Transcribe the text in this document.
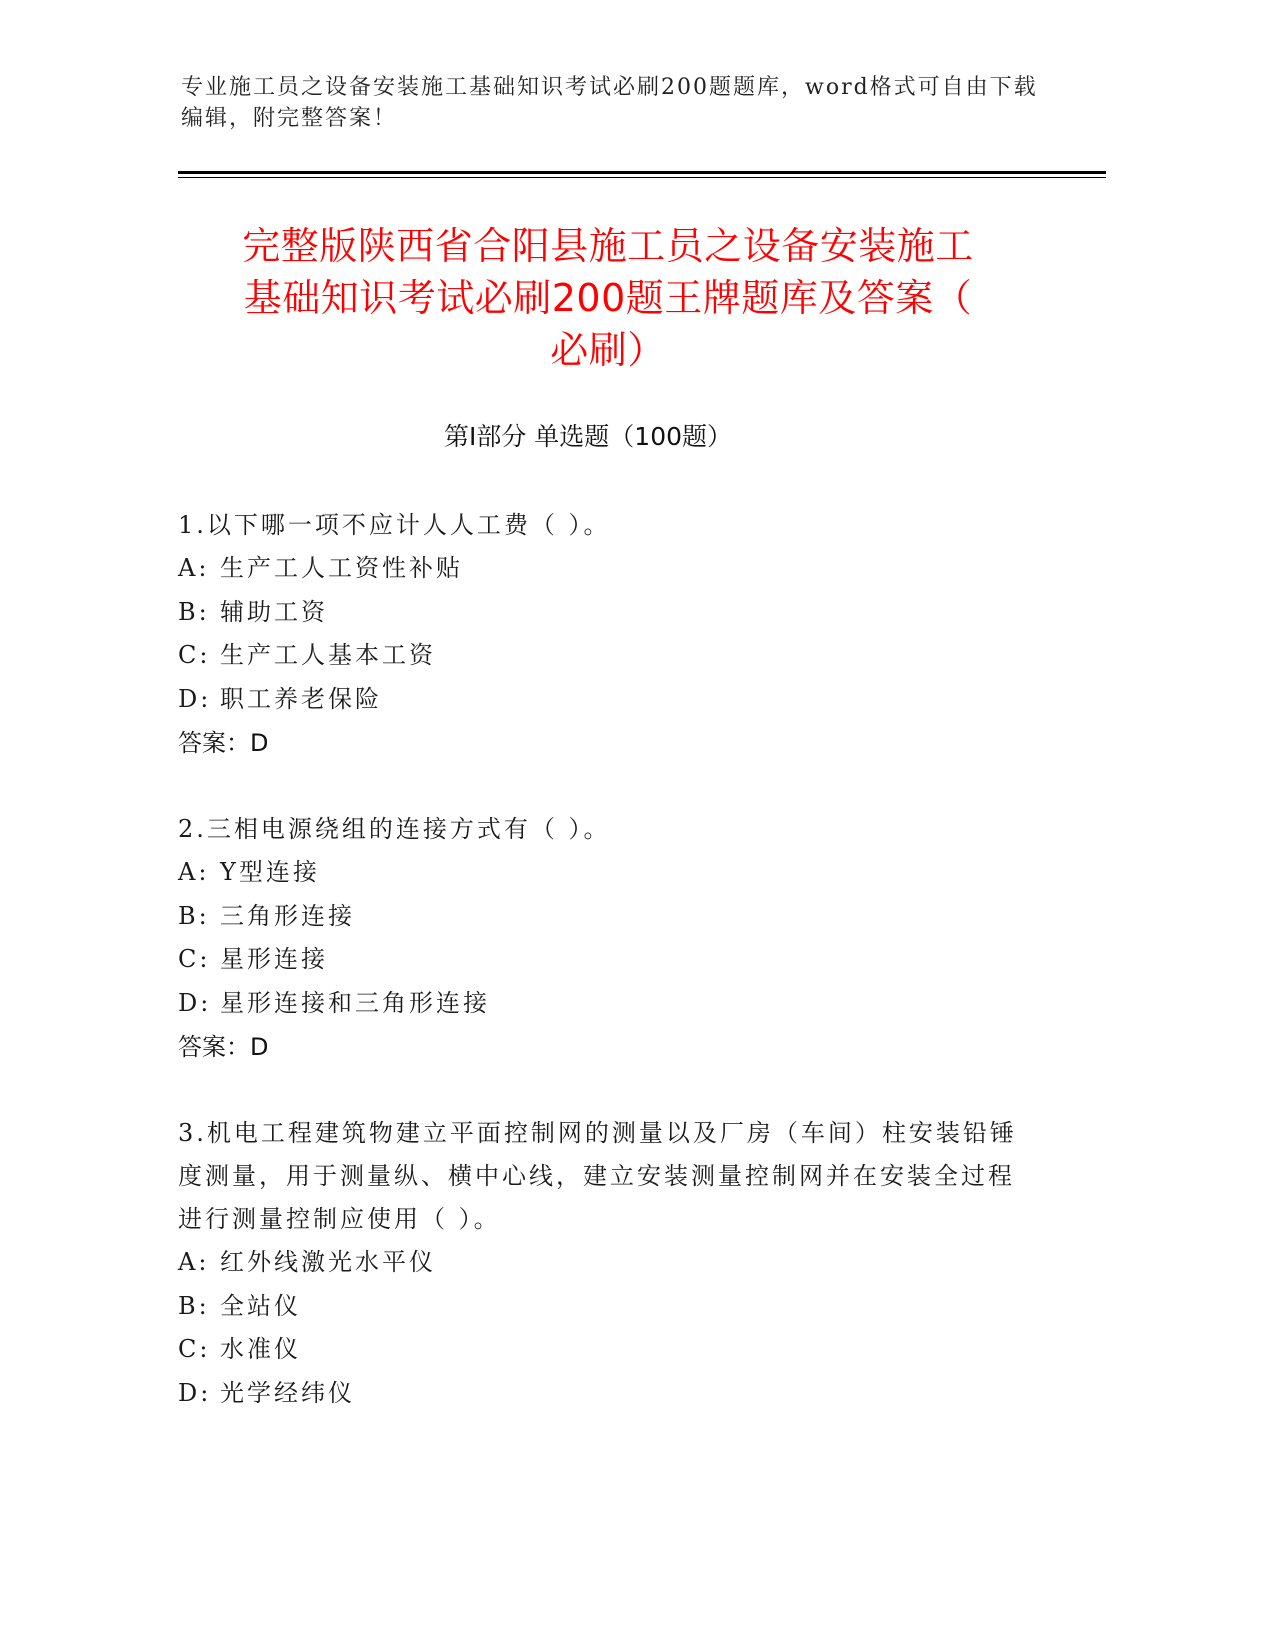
专业施工员之设备安装施工基础知识考试必刷200题题库，word格式可自由下载编辑，附完整答案！
完整版陕西省合阳县施工员之设备安装施工
基础知识考试必刷200题王牌题库及答案（
必刷）
第I部分 单选题（100题）
1.以下哪一项不应计人人工费（ ）。
A: 生产工人工资性补贴
B: 辅助工资
C: 生产工人基本工资
D: 职工养老保险
答案：D
2.三相电源绕组的连接方式有（ ）。
A: Y型连接
B: 三角形连接
C: 星形连接
D: 星形连接和三角形连接
答案：D
3.机电工程建筑物建立平面控制网的测量以及厂房（车间）柱安装铅锤度测量，用于测量纵、横中心线，建立安装测量控制网并在安装全过程进行测量控制应使用（ ）。
A: 红外线激光水平仪
B: 全站仪
C: 水准仪
D: 光学经纬仪
